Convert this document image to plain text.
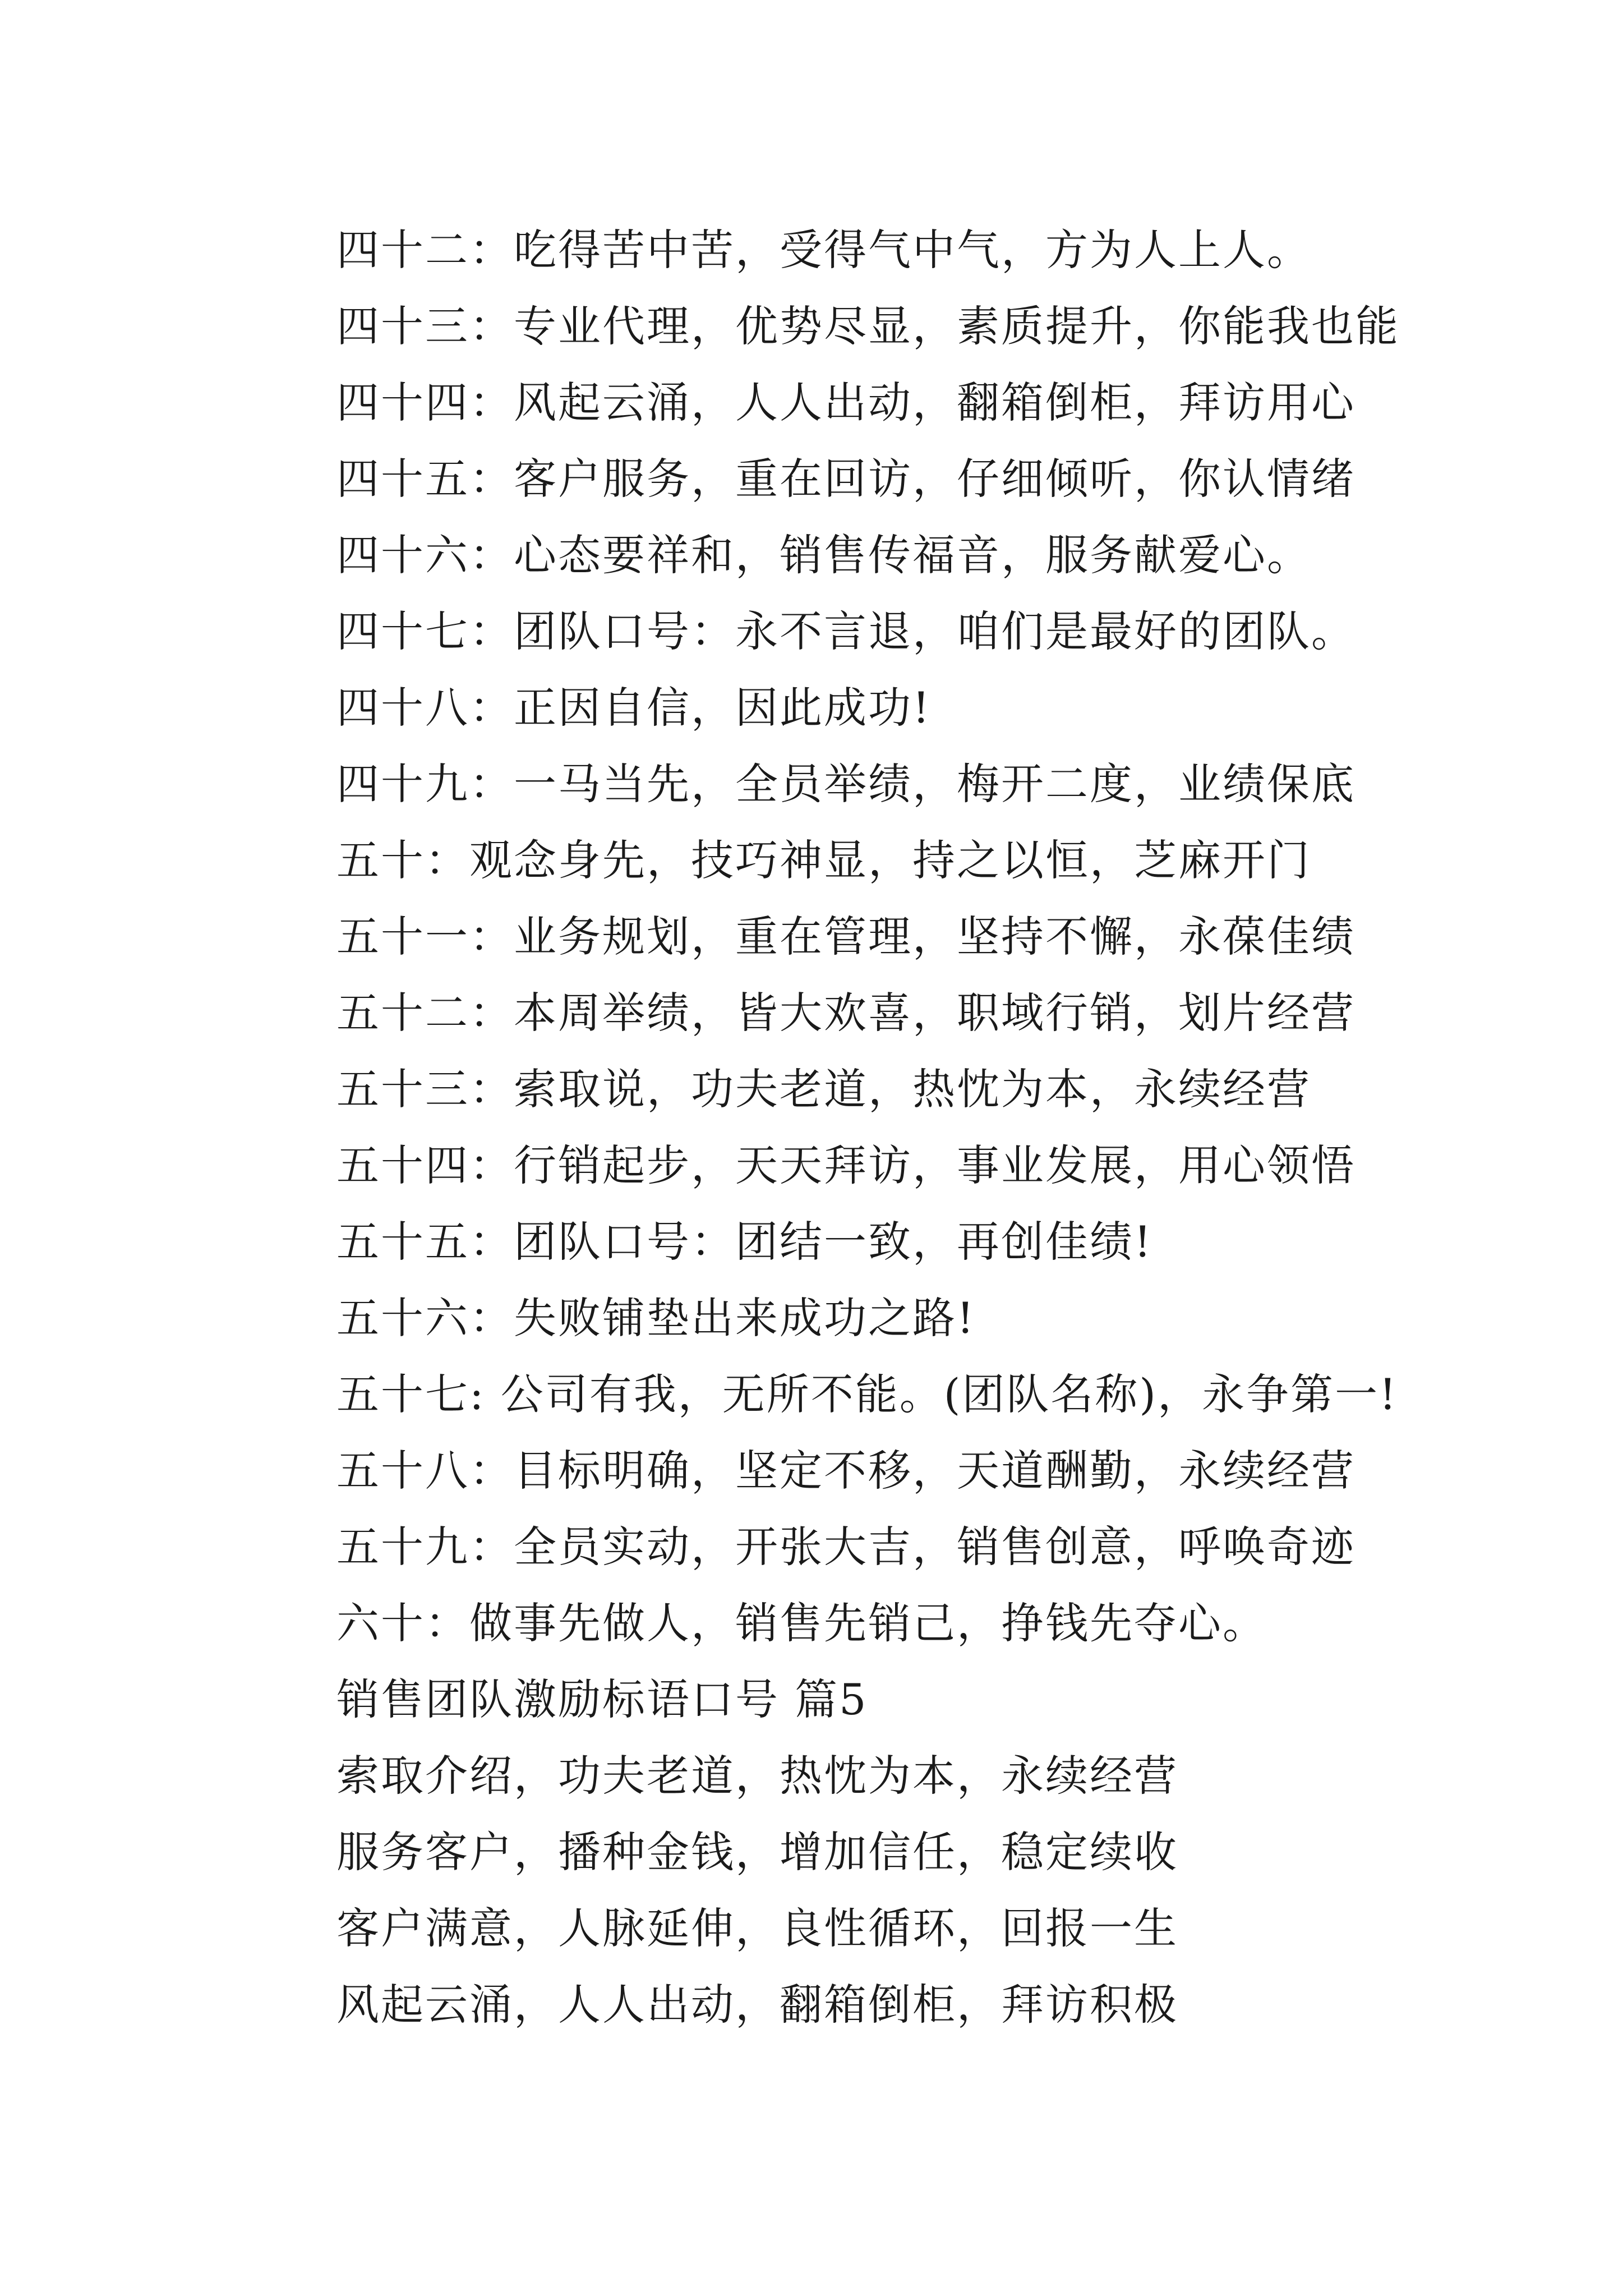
四十二：吃得苦中苦，受得气中气，方为人上人。
四十三：专业代理，优势尽显，素质提升，你能我也能
四十四：风起云涌，人人出动，翻箱倒柜，拜访用心
四十五：客户服务，重在回访，仔细倾听，你认情绪
四十六：心态要祥和，销售传福音，服务献爱心。
四十七：团队口号：永不言退，咱们是最好的团队。
四十八：正因自信，因此成功!
四十九：一马当先，全员举绩，梅开二度，业绩保底
五十：观念身先，技巧神显，持之以恒，芝麻开门
五十一：业务规划，重在管理，坚持不懈，永葆佳绩
五十二：本周举绩，皆大欢喜，职域行销，划片经营
五十三：索取说，功夫老道，热忱为本，永续经营
五十四：行销起步，天天拜访，事业发展，用心领悟
五十五：团队口号：团结一致，再创佳绩!
五十六：失败铺垫出来成功之路!
五十七: 公司有我，无所不能。(团队名称)，永争第一!
五十八：目标明确，坚定不移，天道酬勤，永续经营
五十九：全员实动，开张大吉，销售创意，呼唤奇迹
六十：做事先做人，销售先销己，挣钱先夺心。
销售团队激励标语口号 篇5
索取介绍，功夫老道，热忱为本，永续经营
服务客户，播种金钱，增加信任，稳定续收
客户满意，人脉延伸，良性循环，回报一生
风起云涌，人人出动，翻箱倒柜，拜访积极
